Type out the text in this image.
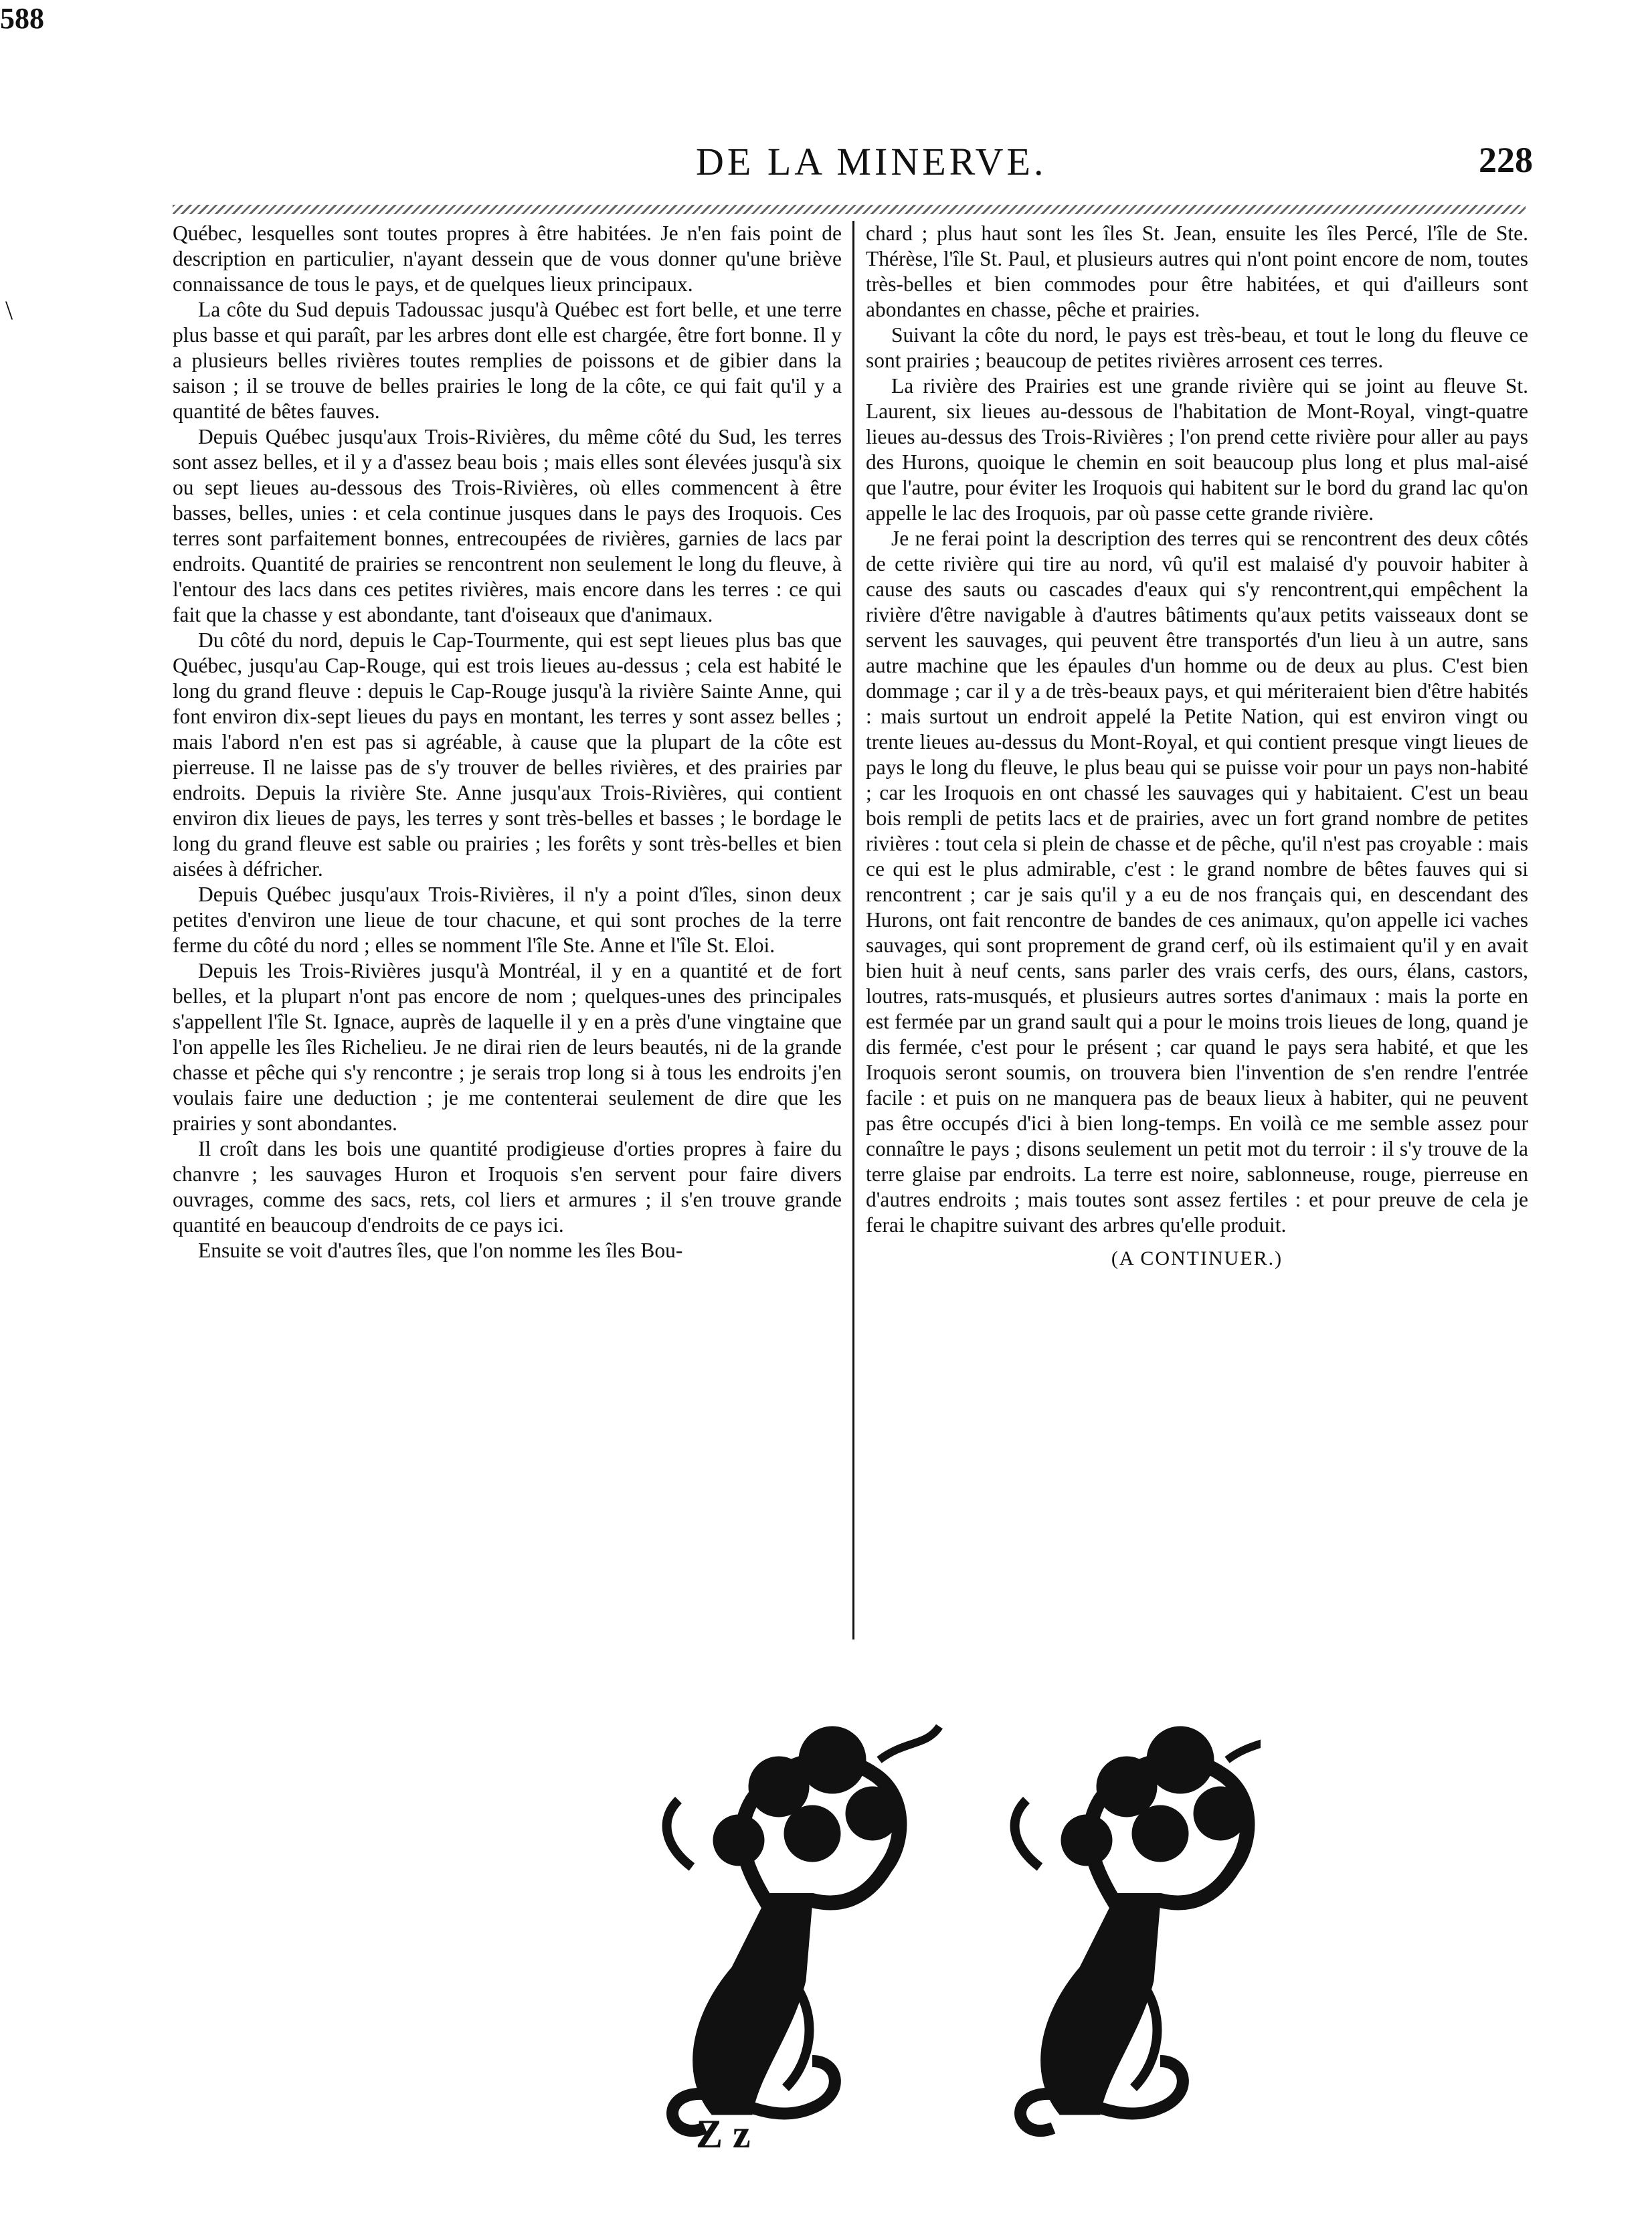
588
\
DE LA MINERVE.	228

Québec, lesquelles sont toutes propres à être habitées. Je n'en fais point de description en particulier, n'ayant dessein que de vous donner qu'une briève connaissance de tous le pays, et de quelques lieux principaux.

La côte du Sud depuis Tadoussac jusqu'à Québec est fort belle, et une terre plus basse et qui paraît, par les arbres dont elle est chargée, être fort bonne. Il y a plusieurs belles rivières toutes remplies de poissons et de gibier dans la saison ; il se trouve de belles prairies le long de la côte, ce qui fait qu'il y a quantité de bêtes fauves.

Depuis Québec jusqu'aux Trois-Rivières, du même côté du Sud, les terres sont assez belles, et il y a d'assez beau bois ; mais elles sont élevées jusqu'à six ou sept lieues au-dessous des Trois-Rivières, où elles commencent à être basses, belles, unies : et cela continue jusques dans le pays des Iroquois. Ces terres sont parfaitement bonnes, entrecoupées de rivières, garnies de lacs par endroits. Quantité de prairies se rencontrent non seulement le long du fleuve, à l'entour des lacs dans ces petites rivières, mais encore dans les terres : ce qui fait que la chasse y est abondante, tant d'oiseaux que d'animaux.

Du côté du nord, depuis le Cap-Tourmente, qui est sept lieues plus bas que Québec, jusqu'au Cap-Rouge, qui est trois lieues au-dessus ; cela est habité le long du grand fleuve : depuis le Cap-Rouge jusqu'à la rivière Sainte Anne, qui font environ dix-sept lieues du pays en montant, les terres y sont assez belles ; mais l'abord n'en est pas si agréable, à cause que la plupart de la côte est pierreuse. Il ne laisse pas de s'y trouver de belles rivières, et des prairies par endroits. Depuis la rivière Ste. Anne jusqu'aux Trois-Rivières, qui contient environ dix lieues de pays, les terres y sont très-belles et basses ; le bordage le long du grand fleuve est sable ou prairies ; les forêts y sont très-belles et bien aisées à défricher.

Depuis Québec jusqu'aux Trois-Rivières, il n'y a point d'îles, sinon deux petites d'environ une lieue de tour chacune, et qui sont proches de la terre ferme du côté du nord ; elles se nomment l'île Ste. Anne et l'île St. Eloi.

Depuis les Trois-Rivières jusqu'à Montréal, il y en a quantité et de fort belles, et la plupart n'ont pas encore de nom ; quelques-unes des principales s'appellent l'île St. Ignace, auprès de laquelle il y en a près d'une vingtaine que l'on appelle les îles Richelieu. Je ne dirai rien de leurs beautés, ni de la grande chasse et pêche qui s'y rencontre ; je serais trop long si à tous les endroits j'en voulais faire une deduction ; je me contenterai seulement de dire que les prairies y sont abondantes.

Il croît dans les bois une quantité prodigieuse d'orties propres à faire du chanvre ; les sauvages Huron et Iroquois s'en servent pour faire divers ouvrages, comme des sacs, rets, col liers et armures ; il s'en trouve grande quantité en beaucoup d'endroits de ce pays ici.

Ensuite se voit d'autres îles, que l'on nomme les îles Bou-

chard ; plus haut sont les îles St. Jean, ensuite les îles Percé, l'île de Ste. Thérèse, l'île St. Paul, et plusieurs autres qui n'ont point encore de nom, toutes très-belles et bien commodes pour être habitées, et qui d'ailleurs sont abondantes en chasse, pêche et prairies.

Suivant la côte du nord, le pays est très-beau, et tout le long du fleuve ce sont prairies ; beaucoup de petites rivières arrosent ces terres.

La rivière des Prairies est une grande rivière qui se joint au fleuve St. Laurent, six lieues au-dessous de l'habitation de Mont-Royal, vingt-quatre lieues au-dessus des Trois-Rivières ; l'on prend cette rivière pour aller au pays des Hurons, quoique le chemin en soit beaucoup plus long et plus mal-aisé que l'autre, pour éviter les Iroquois qui habitent sur le bord du grand lac qu'on appelle le lac des Iroquois, par où passe cette grande rivière.

Je ne ferai point la description des terres qui se rencontrent des deux côtés de cette rivière qui tire au nord, vû qu'il est malaisé d'y pouvoir habiter à cause des sauts ou cascades d'eaux qui s'y rencontrent,qui empêchent la rivière d'être navigable à d'autres bâtiments qu'aux petits vaisseaux dont se servent les sauvages, qui peuvent être transportés d'un lieu à un autre, sans autre machine que les épaules d'un homme ou de deux au plus. C'est bien dommage ; car il y a de très-beaux pays, et qui mériteraient bien d'être habités : mais surtout un endroit appelé la Petite Nation, qui est environ vingt ou trente lieues au-dessus du Mont-Royal, et qui contient presque vingt lieues de pays le long du fleuve, le plus beau qui se puisse voir pour un pays non-habité ; car les Iroquois en ont chassé les sauvages qui y habitaient. C'est un beau bois rempli de petits lacs et de prairies, avec un fort grand nombre de petites rivières : tout cela si plein de chasse et de pêche, qu'il n'est pas croyable : mais ce qui est le plus admirable, c'est : le grand nombre de bêtes fauves qui si rencontrent ; car je sais qu'il y a eu de nos français qui, en descendant des Hurons, ont fait rencontre de bandes de ces animaux, qu'on appelle ici vaches sauvages, qui sont proprement de grand cerf, où ils estimaient qu'il y en avait bien huit à neuf cents, sans parler des vrais cerfs, des ours, élans, castors, loutres, rats-musqués, et plusieurs autres sortes d'animaux : mais la porte en est fermée par un grand sault qui a pour le moins trois lieues de long, quand je dis fermée, c'est pour le présent ; car quand le pays sera habité, et que les Iroquois seront soumis, on trouvera bien l'invention de s'en rendre l'entrée facile : et puis on ne manquera pas de beaux lieux à habiter, qui ne peuvent pas être occupés d'ici à bien long-temps. En voilà ce me semble assez pour connaître le pays ; disons seulement un petit mot du terroir : il s'y trouve de la terre glaise par endroits. La terre est noire, sablonneuse, rouge, pierreuse en d'autres endroits ; mais toutes sont assez fertiles : et pour preuve de cela je ferai le chapitre suivant des arbres qu'elle produit.

(A CONTINUER.)
Z z
